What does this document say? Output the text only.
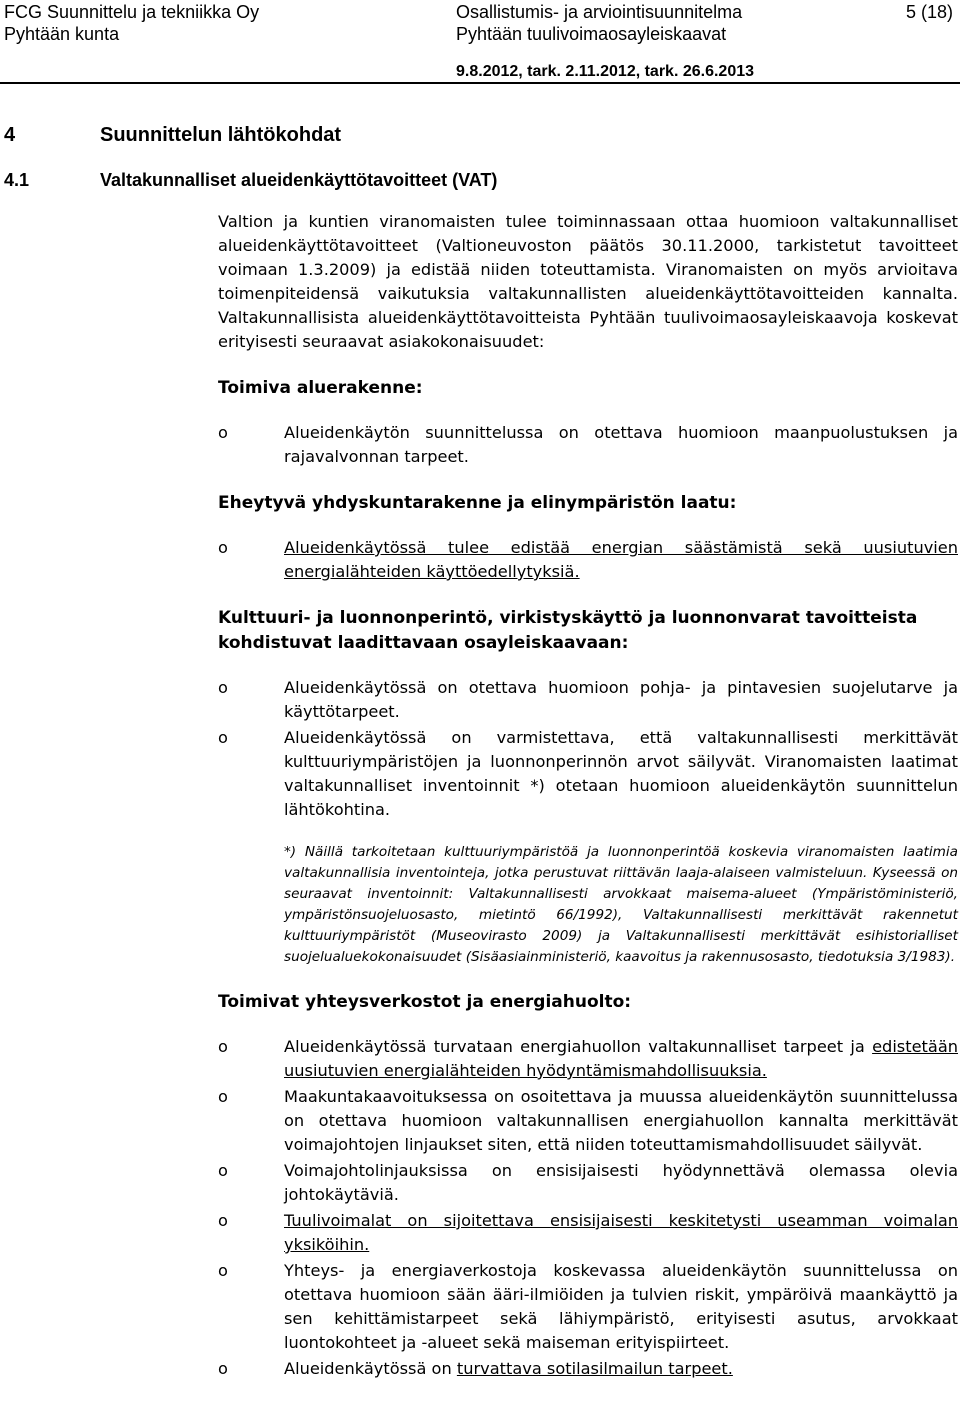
FCG Suunnittelu ja tekniikka Oy
Pyhtään kunta
Osallistumis- ja arviointisuunnitelma
Pyhtään tuulivoimaosayleiskaavat
5 (18)
9.8.2012, tark. 2.11.2012, tark. 26.6.2013
4	Suunnittelun lähtökohdat
4.1	Valtakunnalliset alueidenkäyttötavoitteet (VAT)

Valtion ja kuntien viranomaisten tulee toiminnassaan ottaa huomioon valtakunnalliset alueidenkäyttötavoitteet (Valtioneuvoston päätös 30.11.2000, tarkistetut tavoitteet voimaan 1.3.2009) ja edistää niiden toteuttamista. Viranomaisten on myös arvioitava toimenpiteidensä vaikutuksia valtakunnallisten alueidenkäyttötavoitteiden kannalta. Valtakunnallisista alueidenkäyttötavoitteista Pyhtään tuulivoimaosayleiskaavoja koskevat erityisesti seuraavat asiakokonaisuudet:

Toimiva aluerakenne:
o	Alueidenkäytön suunnittelussa on otettava huomioon maanpuolustuksen ja rajavalvonnan tarpeet.
Eheytyvä yhdyskuntarakenne ja elinympäristön laatu:
o	Alueidenkäytössä tulee edistää energian säästämistä sekä uusiutuvien energialähteiden käyttöedellytyksiä.
Kulttuuri- ja luonnonperintö, virkistyskäyttö ja luonnonvarat tavoitteista kohdistuvat laadittavaan osayleiskaavaan:
o	Alueidenkäytössä on otettava huomioon pohja- ja pintavesien suojelutarve ja käyttötarpeet.
o	Alueidenkäytössä on varmistettava, että valtakunnallisesti merkittävät kulttuuriympäristöjen ja luonnonperinnön arvot säilyvät. Viranomaisten laatimat valtakunnalliset inventoinnit *) otetaan huomioon alueidenkäytön suunnittelun lähtökohtina.

*) Näillä tarkoitetaan kulttuuriympäristöä ja luonnonperintöä koskevia viranomaisten laatimia valtakunnallisia inventointeja, jotka perustuvat riittävän laaja-alaiseen valmisteluun. Kyseessä on seuraavat inventoinnit: Valtakunnallisesti arvokkaat maisema-alueet (Ympäristöministeriö, ympäristönsuojeluosasto, mietintö 66/1992), Valtakunnallisesti merkittävät rakennetut kulttuuriympäristöt (Museovirasto 2009) ja Valtakunnallisesti merkittävät esihistorialliset suojelualuekokonaisuudet (Sisäasiainministeriö, kaavoitus ja rakennusosasto, tiedotuksia 3/1983).

Toimivat yhteysverkostot ja energiahuolto:
o	Alueidenkäytössä turvataan energiahuollon valtakunnalliset tarpeet ja edistetään uusiutuvien energialähteiden hyödyntämismahdollisuuksia.
o	Maakuntakaavoituksessa on osoitettava ja muussa alueidenkäytön suunnittelussa on otettava huomioon valtakunnallisen energiahuollon kannalta merkittävät voimajohtojen linjaukset siten, että niiden toteuttamismahdollisuudet säilyvät.
o	Voimajohtolinjauksissa on ensisijaisesti hyödynnettävä olemassa olevia johtokäytäviä.
o	Tuulivoimalat on sijoitettava ensisijaisesti keskitetysti useamman voimalan yksiköihin.
o	Yhteys- ja energiaverkostoja koskevassa alueidenkäytön suunnittelussa on otettava huomioon sään ääri-ilmiöiden ja tulvien riskit, ympäröivä maankäyttö ja sen kehittämistarpeet sekä lähiympäristö, erityisesti asutus, arvokkaat luontokohteet ja -alueet sekä maiseman erityispiirteet.
o	Alueidenkäytössä on turvattava sotilasilmailun tarpeet.
